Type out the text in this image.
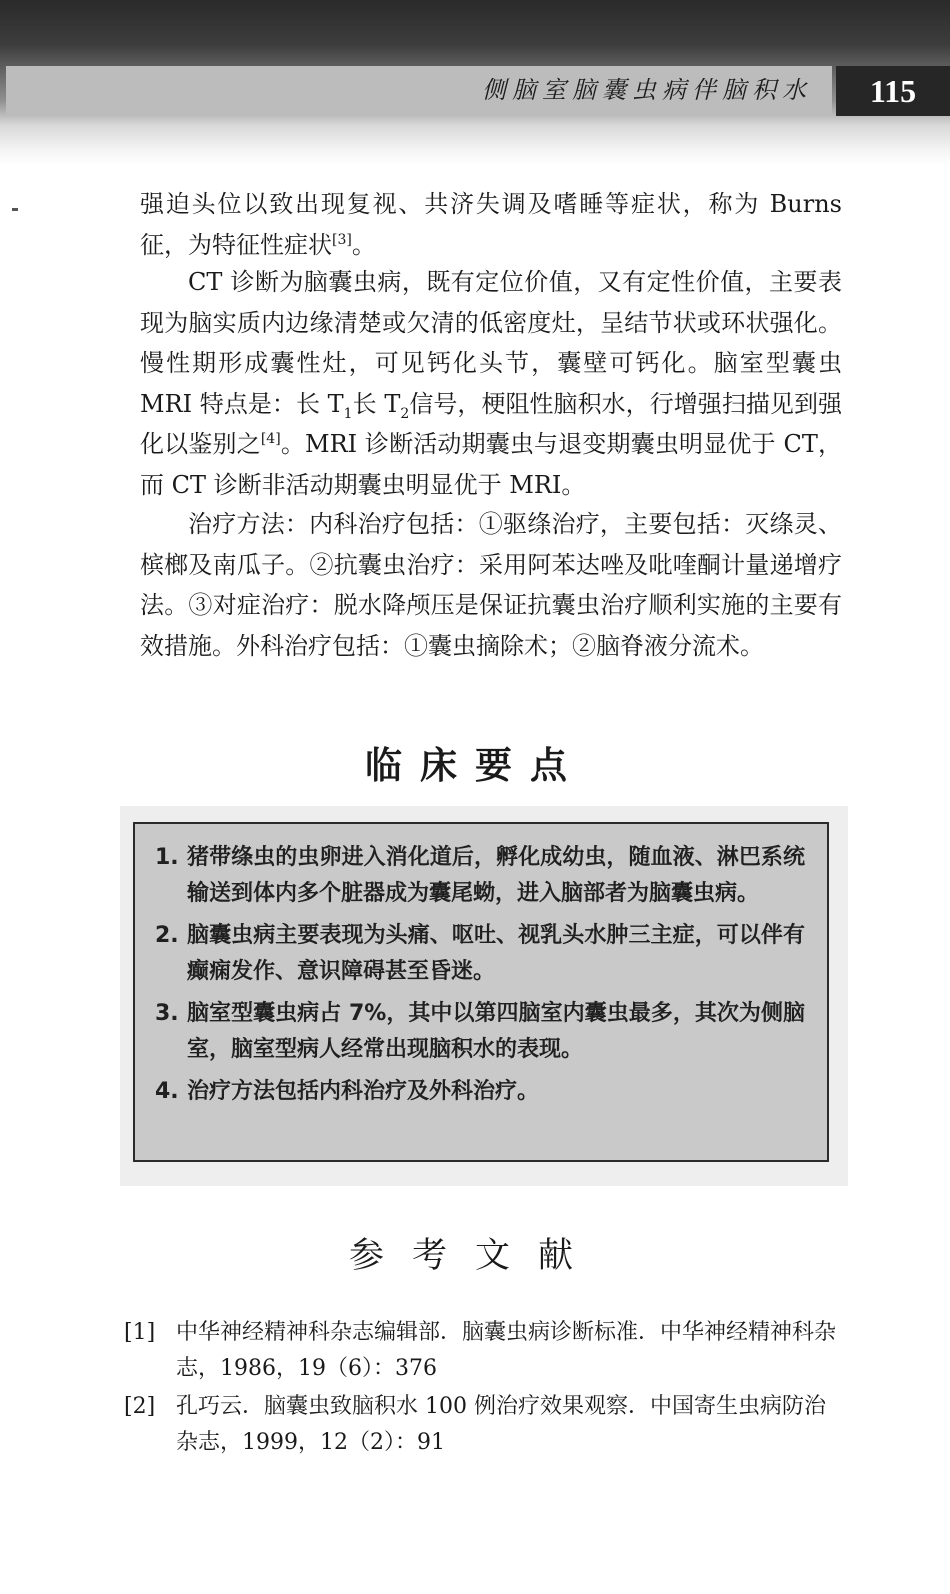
侧脑室脑囊虫病伴脑积水	115

强迫头位以致出现复视、共济失调及嗜睡等症状，称为 Burns 征，为特征性症状[3]。

CT 诊断为脑囊虫病，既有定位价值，又有定性价值，主要表现为脑实质内边缘清楚或欠清的低密度灶，呈结节状或环状强化。慢性期形成囊性灶，可见钙化头节，囊壁可钙化。脑室型囊虫 MRI 特点是：长 $T_1$长 $T_2$信号，梗阻性脑积水，行增强扫描见到强化以鉴别之[4]。MRI 诊断活动期囊虫与退变期囊虫明显优于 CT，而 CT 诊断非活动期囊虫明显优于 MRI。

治疗方法：内科治疗包括：①驱绦治疗，主要包括：灭绦灵、槟榔及南瓜子。②抗囊虫治疗：采用阿苯达唑及吡喹酮计量递增疗法。③对症治疗：脱水降颅压是保证抗囊虫治疗顺利实施的主要有效措施。外科治疗包括：①囊虫摘除术；②脑脊液分流术。

临床要点
1. 猪带绦虫的虫卵进入消化道后，孵化成幼虫，随血液、淋巴系统输送到体内多个脏器成为囊尾蚴，进入脑部者为脑囊虫病。
2. 脑囊虫病主要表现为头痛、呕吐、视乳头水肿三主症，可以伴有癫痫发作、意识障碍甚至昏迷。
3. 脑室型囊虫病占 7%，其中以第四脑室内囊虫最多，其次为侧脑室，脑室型病人经常出现脑积水的表现。
4. 治疗方法包括内科治疗及外科治疗。
参考文献
[1] 中华神经精神科杂志编辑部．脑囊虫病诊断标准．中华神经精神科杂志，1986，19（6）：376
[2] 孔巧云．脑囊虫致脑积水 100 例治疗效果观察．中国寄生虫病防治杂志，1999，12（2）：91
